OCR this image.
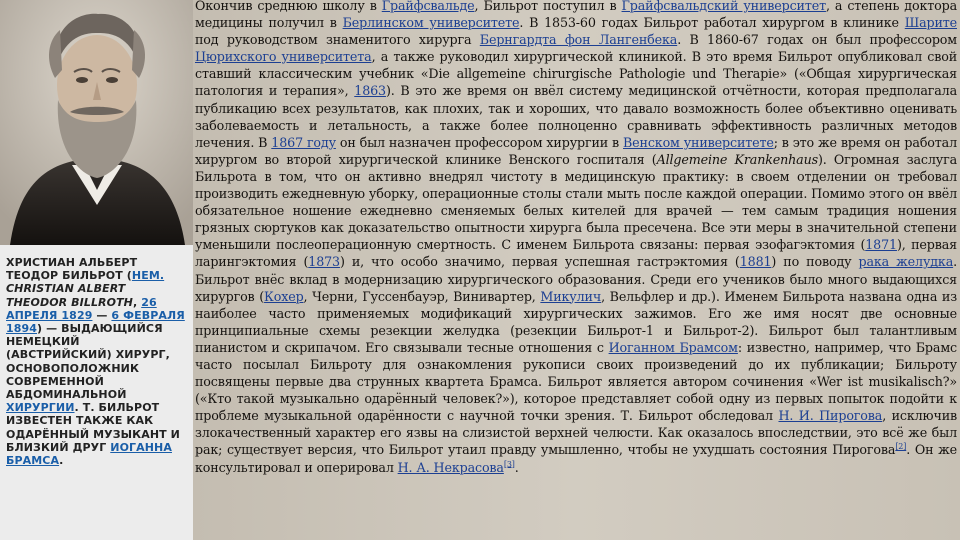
ХРИСТИАН АЛЬБЕРТ ТЕОДОР БИЛЬРОТ (НЕМ. CHRISTIAN ALBERT THEODOR BILLROTH, 26 АПРЕЛЯ 1829 — 6 ФЕВРАЛЯ 1894) — ВЫДАЮЩИЙСЯ НЕМЕЦКИЙ (АВСТРИЙСКИЙ) ХИРУРГ, ОСНОВОПОЛОЖНИК СОВРЕМЕННОЙ АБДОМИНАЛЬНОЙ ХИРУРГИИ. Т. БИЛЬРОТ ИЗВЕСТЕН ТАКЖЕ КАК ОДАРЁННЫЙ МУЗЫКАНТ И БЛИЗКИЙ ДРУГ ИОГАННА БРАМСА.
Окончив среднюю школу в Грайфсвальде, Бильрот поступил в Грайфсвальдский университет, а степень доктора медицины получил в Берлинском университете. В 1853-60 годах Бильрот работал хирургом в клинике Шарите под руководством знаменитого хирурга Бернгардта фон Лангенбека. В 1860-67 годах он был профессором Цюрихского университета, а также руководил хирургической клиникой. В это время Бильрот опубликовал свой ставший классическим учебник «Die allgemeine chirurgische Pathologie und Therapie» («Общая хирургическая патология и терапия», 1863). В это же время он ввёл систему медицинской отчётности, которая предполагала публикацию всех результатов, как плохих, так и хороших, что давало возможность более объективно оценивать заболеваемость и летальность, а также более полноценно сравнивать эффективность различных методов лечения. В 1867 году он был назначен профессором хирургии в Венском университете; в это же время он работал хирургом во второй хирургической клинике Венского госпиталя (Allgemeine Krankenhaus). Огромная заслуга Бильрота в том, что он активно внедрял чистоту в медицинскую практику: в своем отделении он требовал производить ежедневную уборку, операционные столы стали мыть после каждой операции. Помимо этого он ввёл обязательное ношение ежедневно сменяемых белых кителей для врачей — тем самым традиция ношения грязных сюртуков как доказательство опытности хирурга была пресечена. Все эти меры в значительной степени уменьшили послеоперационную смертность. С именем Бильрота связаны: первая эзофагэктомия (1871), первая ларингэктомия (1873) и, что особо значимо, первая успешная гастрэктомия (1881) по поводу рака желудка. Бильрот внёс вклад в модернизацию хирургического образования. Среди его учеников было много выдающихся хирургов (Кохер, Черни, Гуссенбауэр, Винивартер, Микулич, Вельфлер и др.). Именем Бильрота названа одна из наиболее часто применяемых модификаций хирургических зажимов. Его же имя носят две основные принципиальные схемы резекции желудка (резекции Бильрот-1 и Бильрот-2). Бильрот был талантливым пианистом и скрипачом. Его связывали тесные отношения с Иоганном Брамсом: известно, например, что Брамс часто посылал Бильроту для ознакомления рукописи своих произведений до их публикации; Бильроту посвящены первые два струнных квартета Брамса. Бильрот является автором сочинения «Wer ist musikalisch?» («Кто такой музыкально одарённый человек?»), которое представляет собой одну из первых попыток подойти к проблеме музыкальной одарённости с научной точки зрения. Т. Бильрот обследовал Н. И. Пирогова, исключив злокачественный характер его язвы на слизистой верхней челюсти. Как оказалось впоследствии, это всё же был рак; существует версия, что Бильрот утаил правду умышленно, чтобы не ухудшать состояния Пирогова[2]. Он же консультировал и оперировал Н. А. Некрасова[3].
